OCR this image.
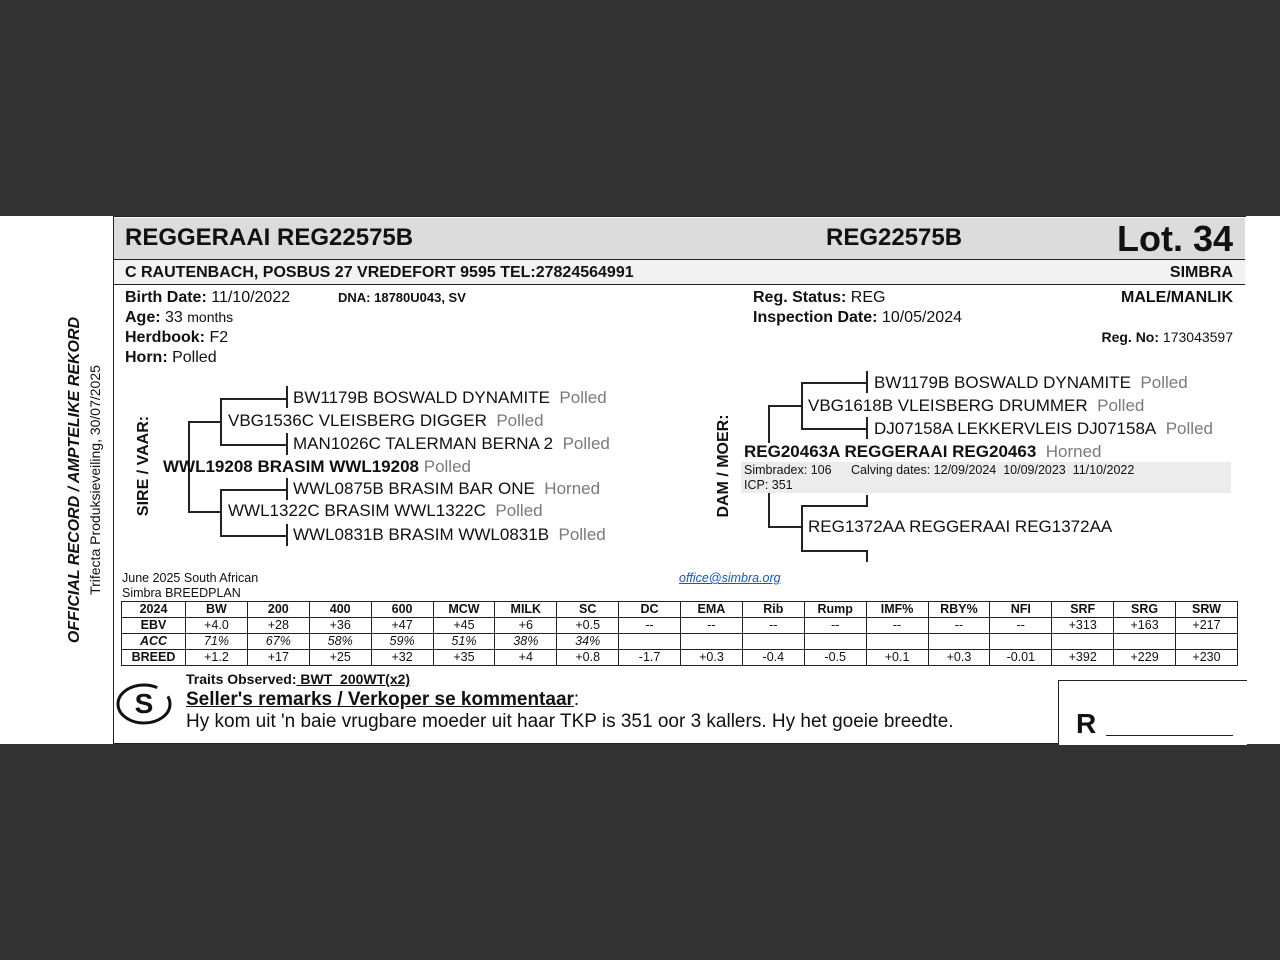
OFFICIAL RECORD / AMPTELIKE REKORD Trifecta Produksieveiling, 30/07/2025
REGGERAAI REG22575B	REG22575B	Lot. 34
C RAUTENBACH, POSBUS 27 VREDEFORT 9595 TEL:27824564991	SIMBRA
Birth Date: 11/10/2022	DNA: 18780U043, SV
Age: 33 months
Herdbook: F2
Horn: Polled
Reg. Status: REG
Inspection Date: 10/05/2024
MALE/MANLIK
Reg. No: 173043597
SIRE / VAAR:
BW1179B BOSWALD DYNAMITE Polled
VBG1536C VLEISBERG DIGGER Polled
MAN1026C TALERMAN BERNA 2 Polled
WWL19208 BRASIM WWL19208 Polled
WWL0875B BRASIM BAR ONE Horned
WWL1322C BRASIM WWL1322C Polled
WWL0831B BRASIM WWL0831B Polled
DAM / MOER:
BW1179B BOSWALD DYNAMITE Polled
VBG1618B VLEISBERG DRUMMER Polled
DJ07158A LEKKERVLEIS DJ07158A Polled
REG20463A REGGERAAI REG20463 Horned
Simbradex: 106 Calving dates: 12/09/2024  10/09/2023  11/10/2022
ICP: 351
REG1372AA REGGERAAI REG1372AA
June 2025 South African
Simbra BREEDPLAN
office@simbra.org
2024	BW	200	400	600	MCW	MILK	SC	DC	EMA	Rib	Rump	IMF%	RBY%	NFI	SRF	SRG	SRW
EBV	+4.0	+28	+36	+47	+45	+6	+0.5	--	--	--	--	--	--	--	+313	+163	+217
ACC	71%	67%	58%	59%	51%	38%	34%										
BREED	+1.2	+17	+25	+32	+35	+4	+0.8	-1.7	+0.3	-0.4	-0.5	+0.1	+0.3	-0.01	+392	+229	+230
S
Traits Observed: BWT  200WT(x2)
Seller's remarks / Verkoper se kommentaar:
Hy kom uit 'n baie vrugbare moeder uit haar TKP is 351 oor 3 kallers. Hy het goeie breedte.	R
